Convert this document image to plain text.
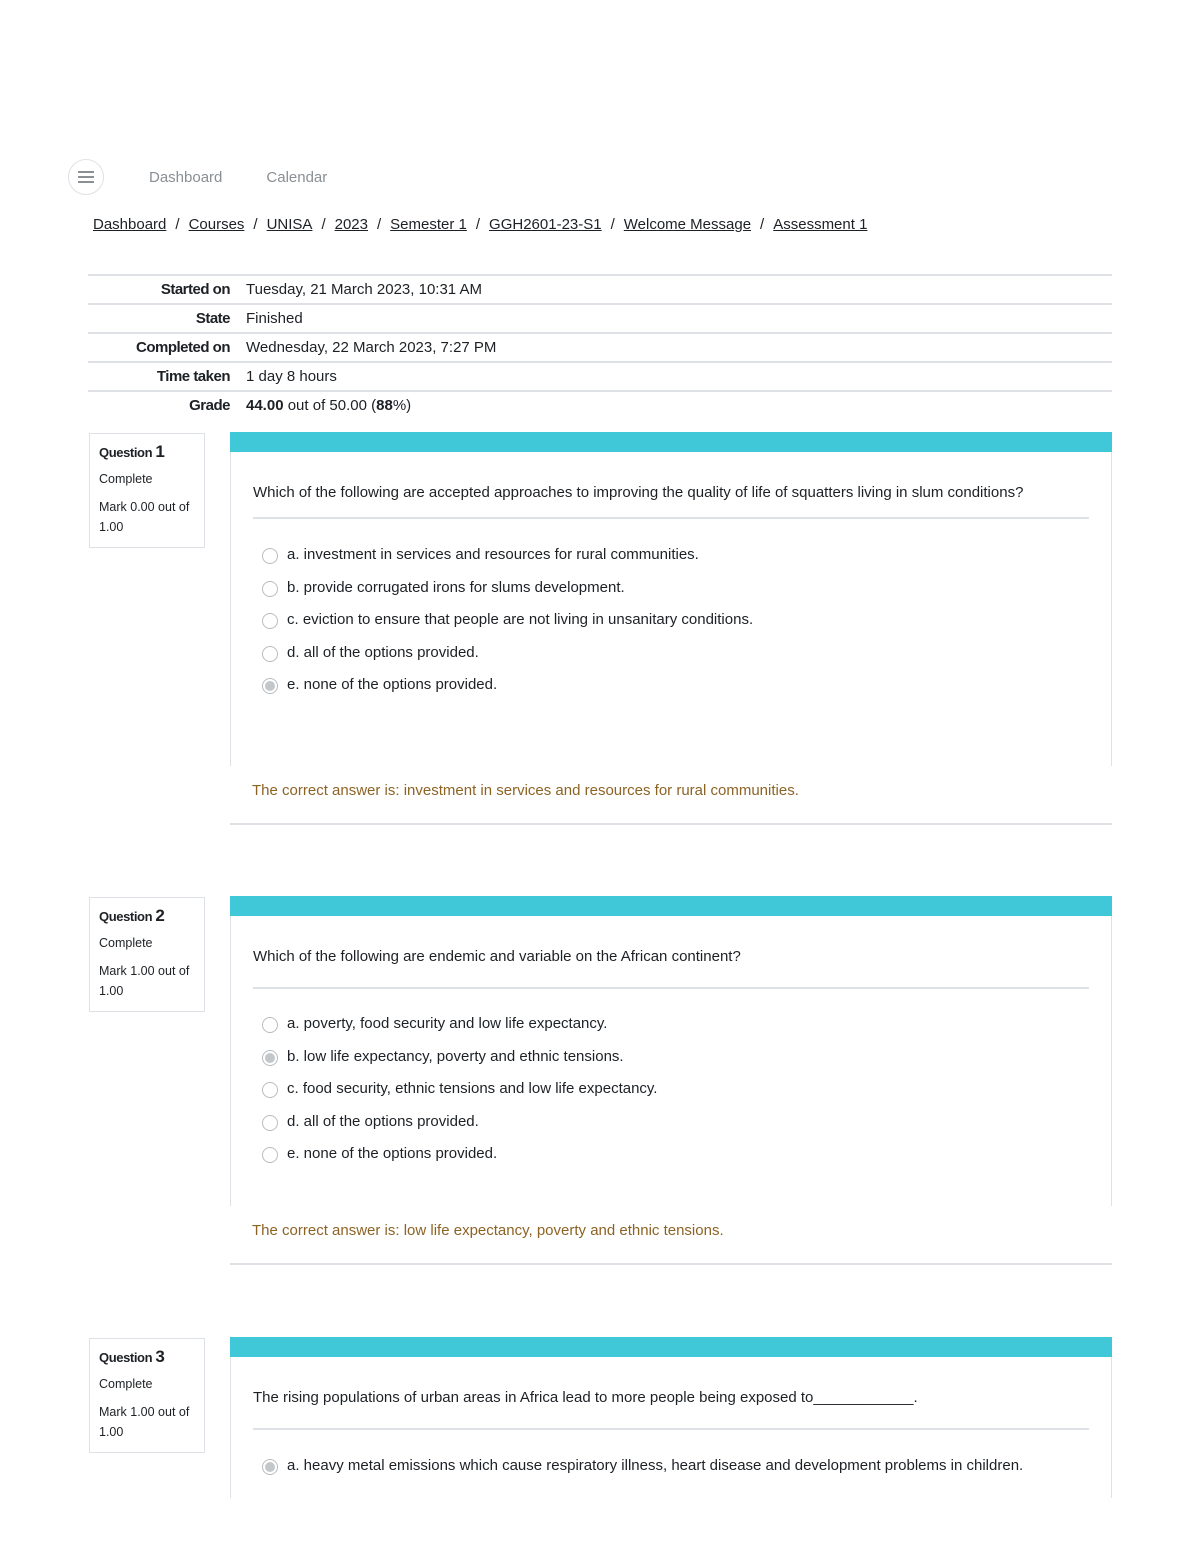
Dashboard	Calendar
Dashboard / Courses / UNISA / 2023 / Semester 1 / GGH2601-23-S1 / Welcome Message / Assessment 1
Started on	Tuesday, 21 March 2023, 10:31 AM
State	Finished
Completed on	Wednesday, 22 March 2023, 7:27 PM
Time taken	1 day 8 hours
Grade	44.00 out of 50.00 (88%)
Question 1
Complete
Mark 0.00 out of 1.00
Which of the following are accepted approaches to improving the quality of life of squatters living in slum conditions?
a. investment in services and resources for rural communities.
b. provide corrugated irons for slums development.
c. eviction to ensure that people are not living in unsanitary conditions.
d. all of the options provided.
e. none of the options provided.
The correct answer is: investment in services and resources for rural communities.
Question 2
Complete
Mark 1.00 out of 1.00
Which of the following are endemic and variable on the African continent?
a. poverty, food security and low life expectancy.
b. low life expectancy, poverty and ethnic tensions.
c. food security, ethnic tensions and low life expectancy.
d. all of the options provided.
e. none of the options provided.
The correct answer is: low life expectancy, poverty and ethnic tensions.
Question 3
Complete
Mark 1.00 out of 1.00
The rising populations of urban areas in Africa lead to more people being exposed to____________.
a. heavy metal emissions which cause respiratory illness, heart disease and development problems in children.
